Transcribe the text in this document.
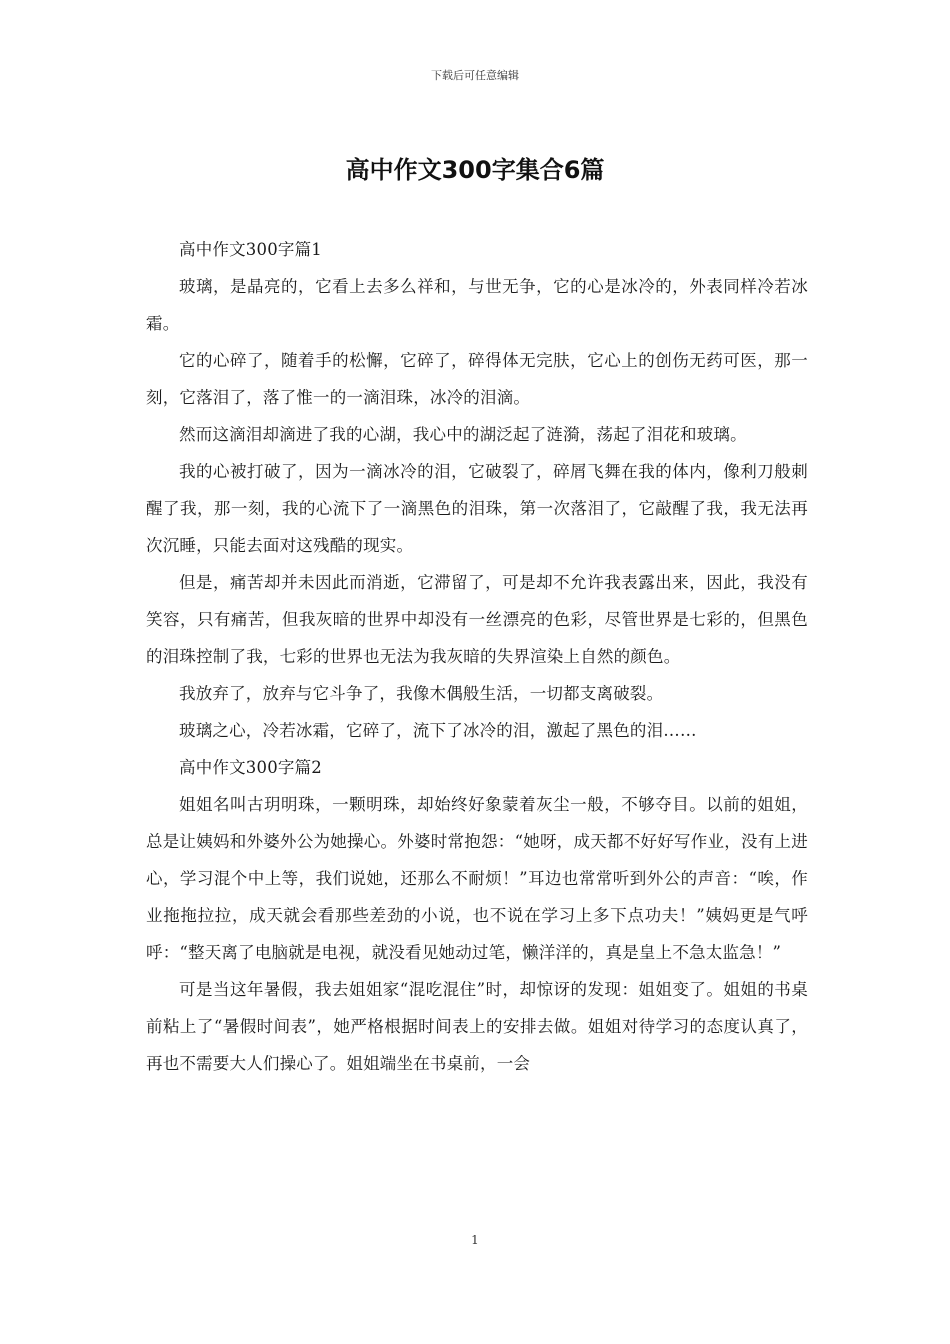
下载后可任意编辑
高中作文300字集合6篇

高中作文300字篇1

玻璃，是晶亮的，它看上去多么祥和，与世无争，它的心是冰冷的，外表同样冷若冰霜。

它的心碎了，随着手的松懈，它碎了，碎得体无完肤，它心上的创伤无药可医，那一刻，它落泪了，落了惟一的一滴泪珠，冰冷的泪滴。

然而这滴泪却滴进了我的心湖，我心中的湖泛起了涟漪，荡起了泪花和玻璃。

我的心被打破了，因为一滴冰冷的泪，它破裂了，碎屑飞舞在我的体内，像利刀般刺醒了我，那一刻，我的心流下了一滴黑色的泪珠，第一次落泪了，它敲醒了我，我无法再次沉睡，只能去面对这残酷的现实。

但是，痛苦却并未因此而消逝，它滞留了，可是却不允许我表露出来，因此，我没有笑容，只有痛苦，但我灰暗的世界中却没有一丝漂亮的色彩，尽管世界是七彩的，但黑色的泪珠控制了我，七彩的世界也无法为我灰暗的失界渲染上自然的颜色。

我放弃了，放弃与它斗争了，我像木偶般生活，一切都支离破裂。

玻璃之心，冷若冰霜，它碎了，流下了冰冷的泪，激起了黑色的泪……

高中作文300字篇2

姐姐名叫古玥明珠，一颗明珠，却始终好象蒙着灰尘一般，不够夺目。以前的姐姐，总是让姨妈和外婆外公为她操心。外婆时常抱怨：“她呀，成天都不好好写作业，没有上进心，学习混个中上等，我们说她，还那么不耐烦！”耳边也常常听到外公的声音：“唉，作业拖拖拉拉，成天就会看那些差劲的小说，也不说在学习上多下点功夫！”姨妈更是气呼呼：“整天离了电脑就是电视，就没看见她动过笔，懒洋洋的，真是皇上不急太监急！”

可是当这年暑假，我去姐姐家“混吃混住”时，却惊讶的发现：姐姐变了。姐姐的书桌前粘上了“暑假时间表”，她严格根据时间表上的安排去做。姐姐对待学习的态度认真了，再也不需要大人们操心了。姐姐端坐在书桌前，一会

1
